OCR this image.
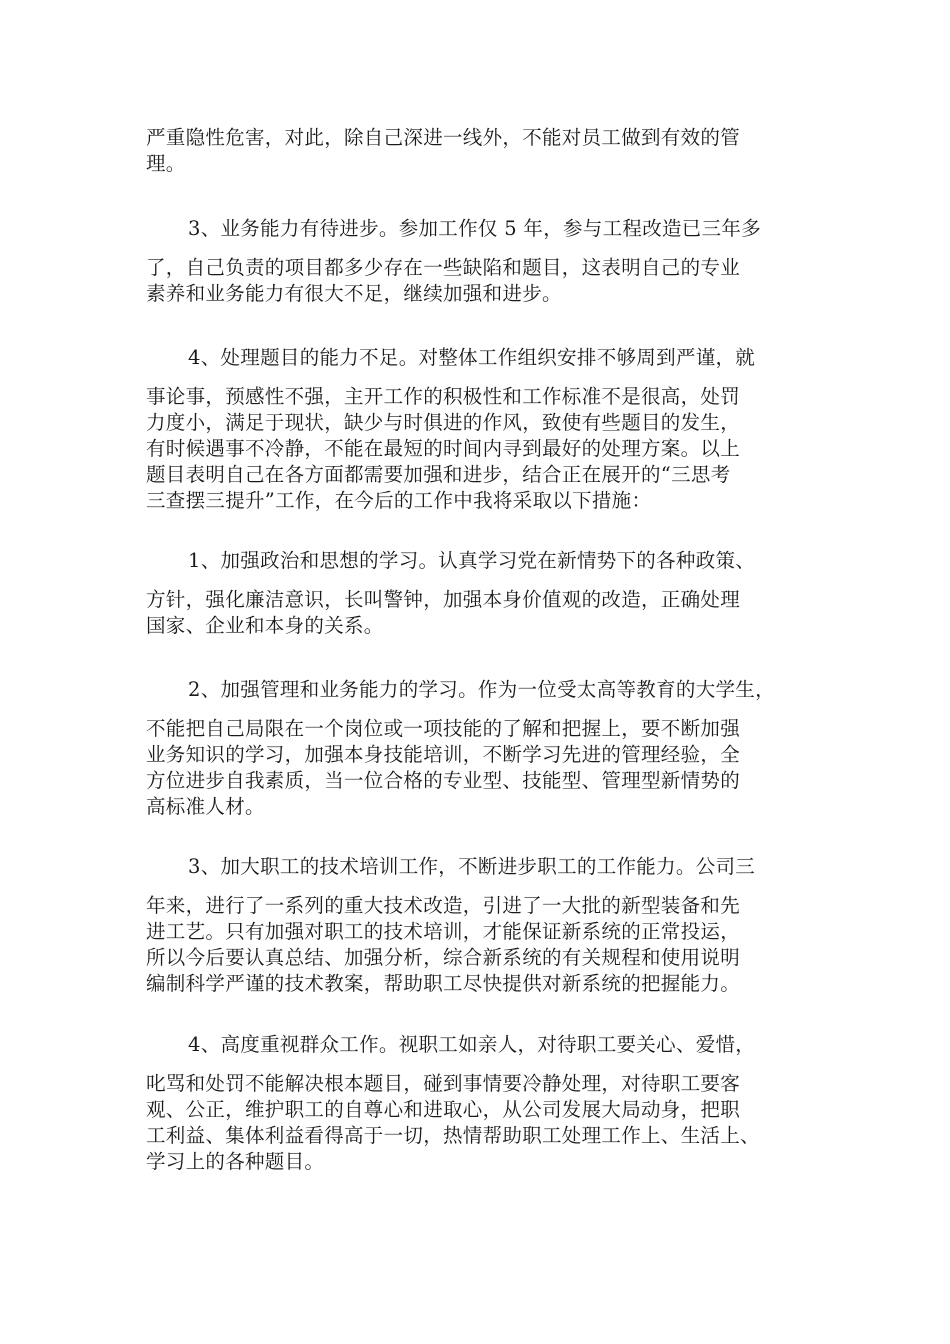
严重隐性危害，对此，除自己深进一线外，不能对员工做到有效的管
理。
3、业务能力有待进步。参加工作仅 5 年，参与工程改造已三年多
了，自己负责的项目都多少存在一些缺陷和题目，这表明自己的专业
素养和业务能力有很大不足，继续加强和进步。
4、处理题目的能力不足。对整体工作组织安排不够周到严谨，就
事论事，预感性不强，主开工作的积极性和工作标准不是很高，处罚
力度小，满足于现状，缺少与时俱进的作风，致使有些题目的发生，
有时候遇事不冷静，不能在最短的时间内寻到最好的处理方案。以上
题目表明自己在各方面都需要加强和进步，结合正在展开的“三思考
三查摆三提升”工作，在今后的工作中我将采取以下措施：
1、加强政治和思想的学习。认真学习党在新情势下的各种政策、
方针，强化廉洁意识，长叫警钟，加强本身价值观的改造，正确处理
国家、企业和本身的关系。
2、加强管理和业务能力的学习。作为一位受太高等教育的大学生，
不能把自己局限在一个岗位或一项技能的了解和把握上，要不断加强
业务知识的学习，加强本身技能培训，不断学习先进的管理经验，全
方位进步自我素质，当一位合格的专业型、技能型、管理型新情势的
高标准人材。
3、加大职工的技术培训工作，不断进步职工的工作能力。公司三
年来，进行了一系列的重大技术改造，引进了一大批的新型装备和先
进工艺。只有加强对职工的技术培训，才能保证新系统的正常投运，
所以今后要认真总结、加强分析，综合新系统的有关规程和使用说明
编制科学严谨的技术教案，帮助职工尽快提供对新系统的把握能力。
4、高度重视群众工作。视职工如亲人，对待职工要关心、爱惜，
叱骂和处罚不能解决根本题目，碰到事情要冷静处理，对待职工要客
观、公正，维护职工的自尊心和进取心，从公司发展大局动身，把职
工利益、集体利益看得高于一切，热情帮助职工处理工作上、生活上、
学习上的各种题目。
